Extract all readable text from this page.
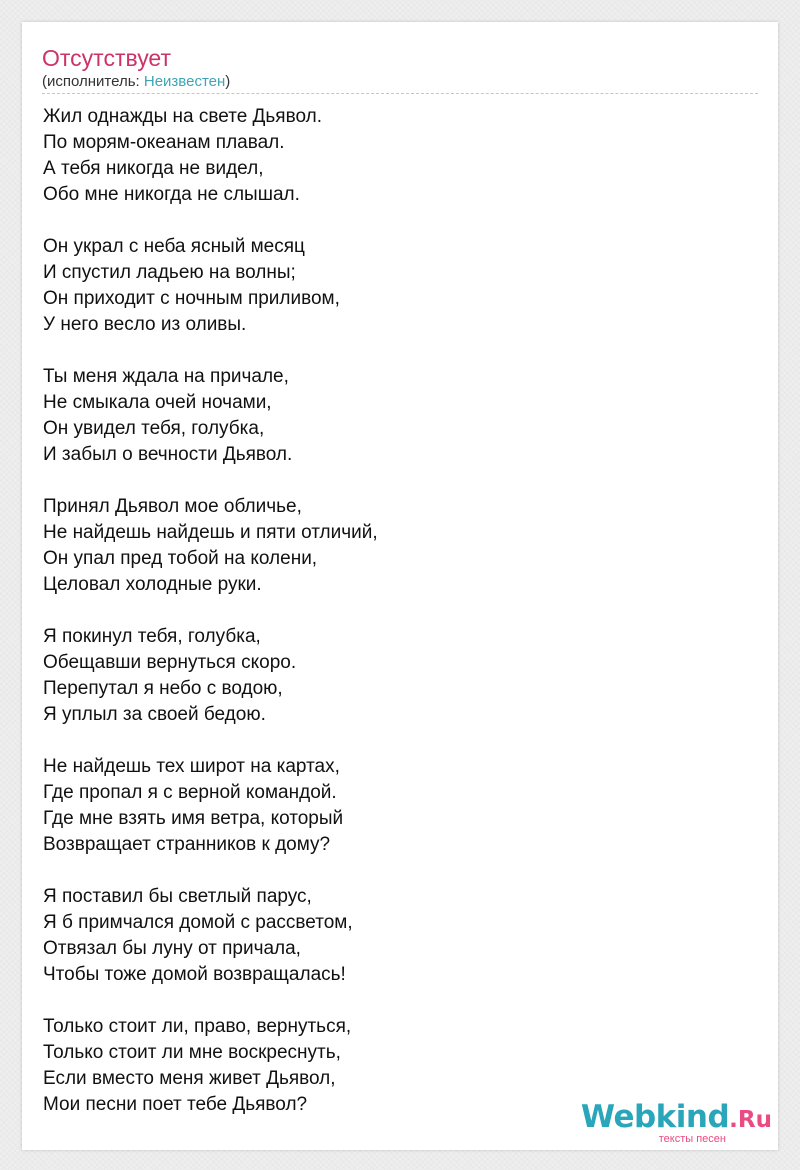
Отсутствует
(исполнитель: Неизвестен)
Жил однажды на свете Дьявол.
По морям-океанам плавал.
А тебя никогда не видел,
Обо мне никогда не слышал.
Он украл с неба ясный месяц
И спустил ладьею на волны;
Он приходит с ночным приливом,
У него весло из оливы.
Ты меня ждала на причале,
Не смыкала очей ночами,
Он увидел тебя, голубка,
И забыл о вечности Дьявол.
Принял Дьявол мое обличье,
Не найдешь найдешь и пяти отличий,
Он упал пред тобой на колени,
Целовал холодные руки.
Я покинул тебя, голубка,
Обещавши вернуться скоро.
Перепутал я небо с водою,
Я уплыл за своей бедою.
Не найдешь тех широт на картах,
Где пропал я с верной командой.
Где мне взять имя ветра, который
Возвращает странников к дому?
Я поставил бы светлый парус,
Я б примчался домой с рассветом,
Отвязал бы луну от причала,
Чтобы тоже домой возвращалась!
Только стоит ли, право, вернуться,
Только стоит ли мне воскреснуть,
Если вместо меня живет Дьявол,
Мои песни поет тебе Дьявол?	Webkind.Ru
тексты песен
